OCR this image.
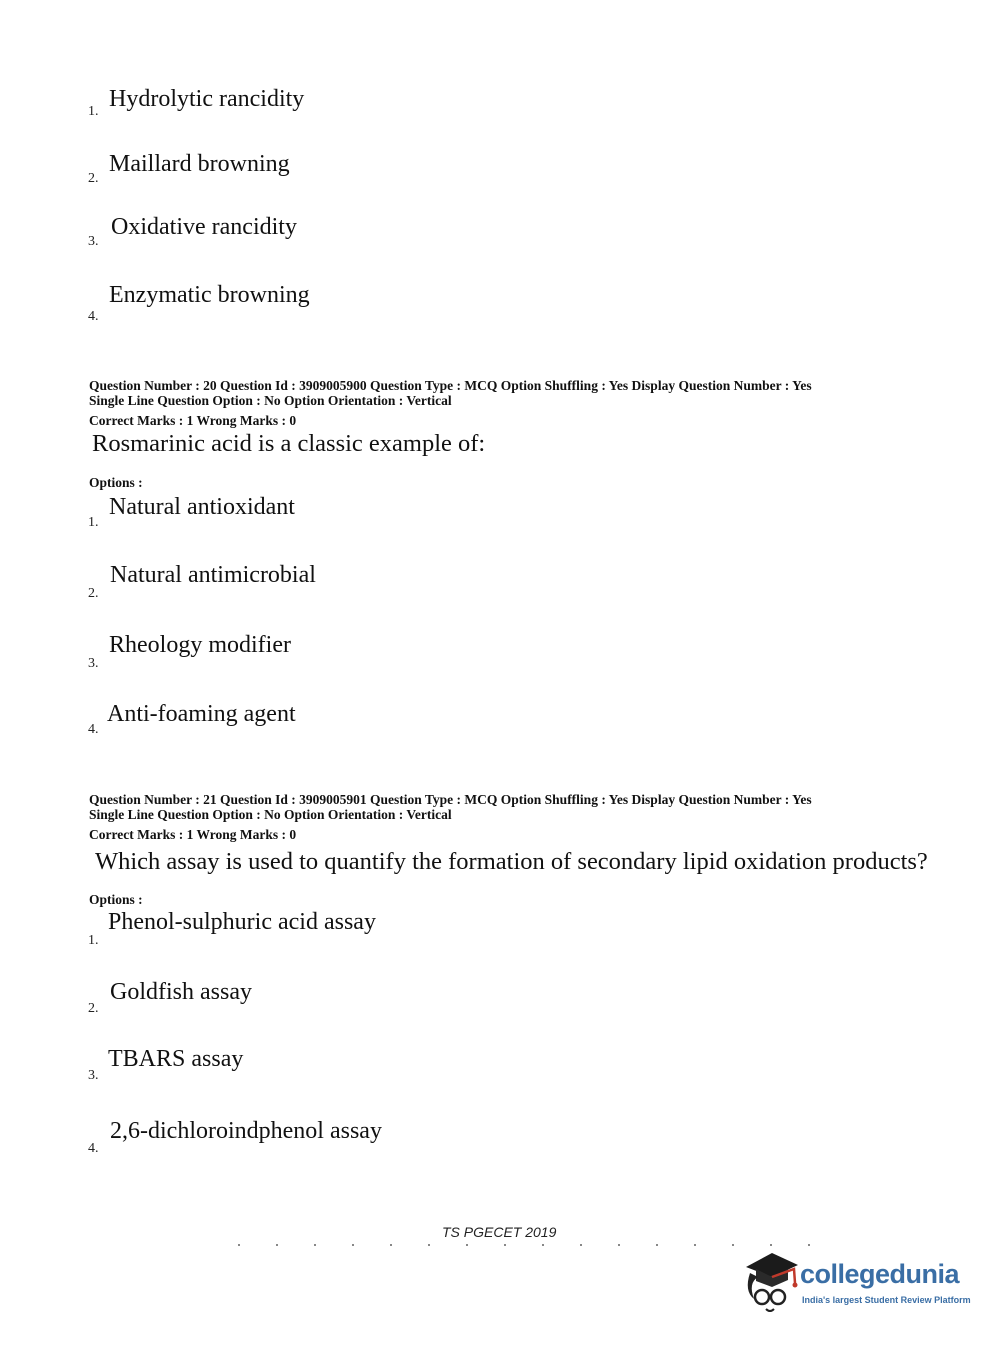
1. Hydrolytic rancidity
2.
Maillard browning
3.
Oxidative rancidity
4.
Enzymatic browning
Question Number : 20 Question Id : 3909005900 Question Type : MCQ Option Shuffling : Yes Display Question Number : Yes
Single Line Question Option : No Option Orientation : Vertical
Correct Marks : 1 Wrong Marks : 0
Rosmarinic acid is a classic example of:
Options :
1.
Natural antioxidant
2.
Natural antimicrobial
3.
Rheology modifier
4.
Anti-foaming agent
Question Number : 21 Question Id : 3909005901 Question Type : MCQ Option Shuffling : Yes Display Question Number : Yes
Single Line Question Option : No Option Orientation : Vertical
Correct Marks : 1 Wrong Marks : 0
Which assay is used to quantify the formation of secondary lipid oxidation products?
Options :
1.
Phenol-sulphuric acid assay
2.
Goldfish assay
3.
TBARS assay
4.
2,6-dichloroindphenol assay
TS PGECET 2019
collegedunia
India's largest Student Review Platform
